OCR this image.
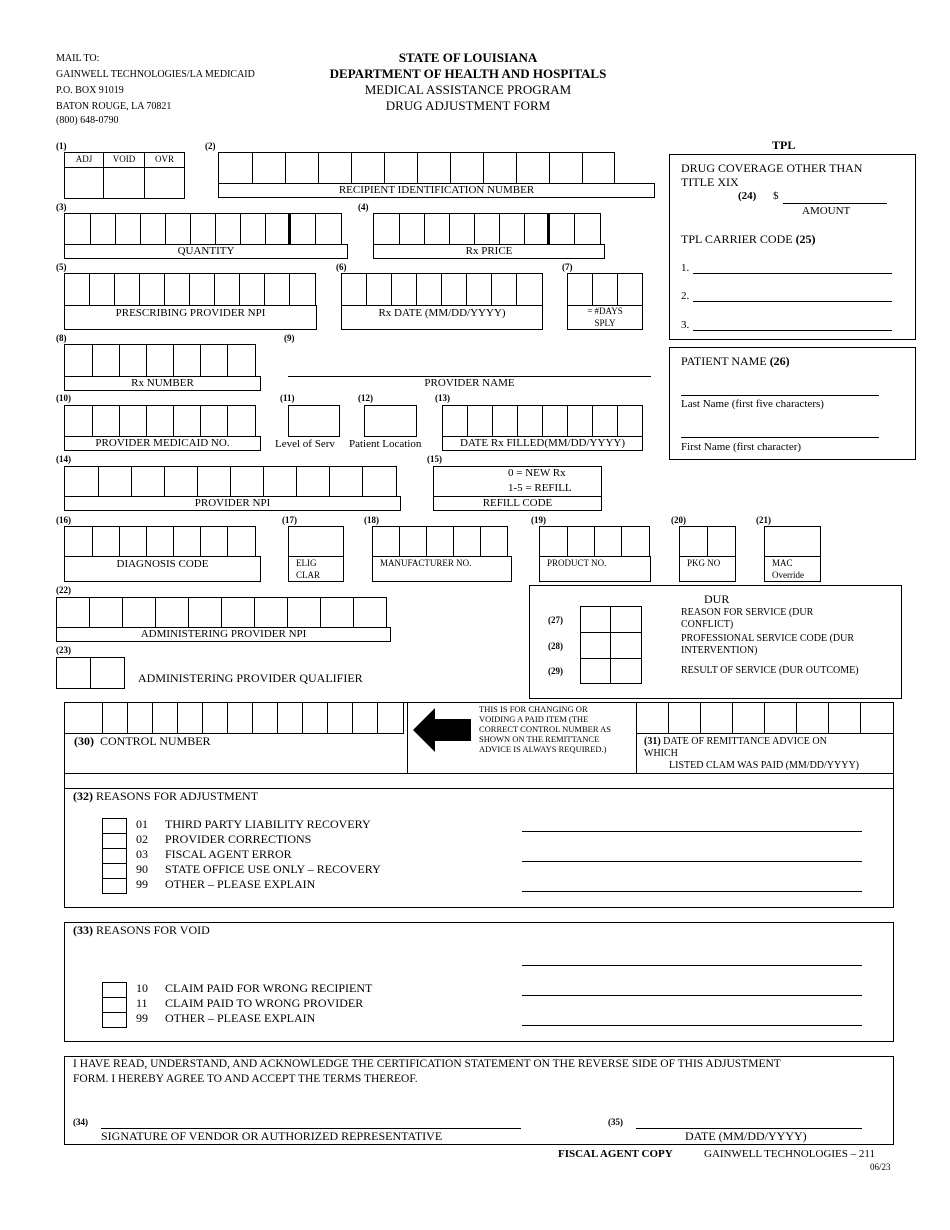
MAIL TO:
GAINWELL TECHNOLOGIES/LA MEDICAID
P.O. BOX 91019
BATON ROUGE, LA 70821
(800) 648-0790
STATE OF LOUISIANA
DEPARTMENT OF HEALTH AND HOSPITALS
MEDICAL ASSISTANCE PROGRAM
DRUG ADJUSTMENT FORM
(1)
ADJ	VOID	OVR
(2)
RECIPIENT IDENTIFICATION NUMBER
(3)
QUANTITY
(4)
Rx PRICE
(5)
PRESCRIBING PROVIDER NPI
(6)
Rx DATE (MM/DD/YYYY)
(7)
= #DAYS
SPLY
(8)
Rx NUMBER
(9)
PROVIDER NAME
(10)
PROVIDER MEDICAID NO.
(11)
Level of Serv
(12)
Patient Location
(13)
DATE Rx FILLED(MM/DD/YYYY)
(14)
PROVIDER NPI
(15)
0 = NEW Rx
1-5 = REFILL
REFILL CODE
(16)
DIAGNOSIS CODE
(17)
ELIG
CLAR
(18)
MANUFACTURER NO.
(19)
PRODUCT NO.
(20)
PKG NO
(21)
MAC
Override
(22)
ADMINISTERING PROVIDER NPI
(23)
ADMINISTERING PROVIDER QUALIFIER
TPL
DRUG COVERAGE OTHER THAN
TITLE XIX
(24) $
AMOUNT
TPL CARRIER CODE (25)
1.
2.
3.
PATIENT NAME (26)
Last Name (first five characters)
First Name (first character)
DUR
(27)
(28)
(29)
REASON FOR SERVICE (DUR
CONFLICT)
PROFESSIONAL SERVICE CODE (DUR
INTERVENTION)
RESULT OF SERVICE (DUR OUTCOME)
(30) CONTROL NUMBER
THIS IS FOR CHANGING OR
VOIDING A PAID ITEM (THE
CORRECT CONTROL NUMBER AS
SHOWN ON THE REMITTANCE
ADVICE IS ALWAYS REQUIRED.)
(31) DATE OF REMITTANCE ADVICE ON
WHICH
LISTED CLAM WAS PAID (MM/DD/YYYY)
(32) REASONS FOR ADJUSTMENT
01 THIRD PARTY LIABILITY RECOVERY
02 PROVIDER CORRECTIONS
03 FISCAL AGENT ERROR
90 STATE OFFICE USE ONLY – RECOVERY
99 OTHER – PLEASE EXPLAIN
(33) REASONS FOR VOID
10 CLAIM PAID FOR WRONG RECIPIENT
11 CLAIM PAID TO WRONG PROVIDER
99 OTHER – PLEASE EXPLAIN
I HAVE READ, UNDERSTAND, AND ACKNOWLEDGE THE CERTIFICATION STATEMENT ON THE REVERSE SIDE OF THIS ADJUSTMENT
FORM. I HEREBY AGREE TO AND ACCEPT THE TERMS THEREOF.
(34)
SIGNATURE OF VENDOR OR AUTHORIZED REPRESENTATIVE
(35)
DATE (MM/DD/YYYY)
FISCAL AGENT COPY	GAINWELL TECHNOLOGIES – 211
06/23
